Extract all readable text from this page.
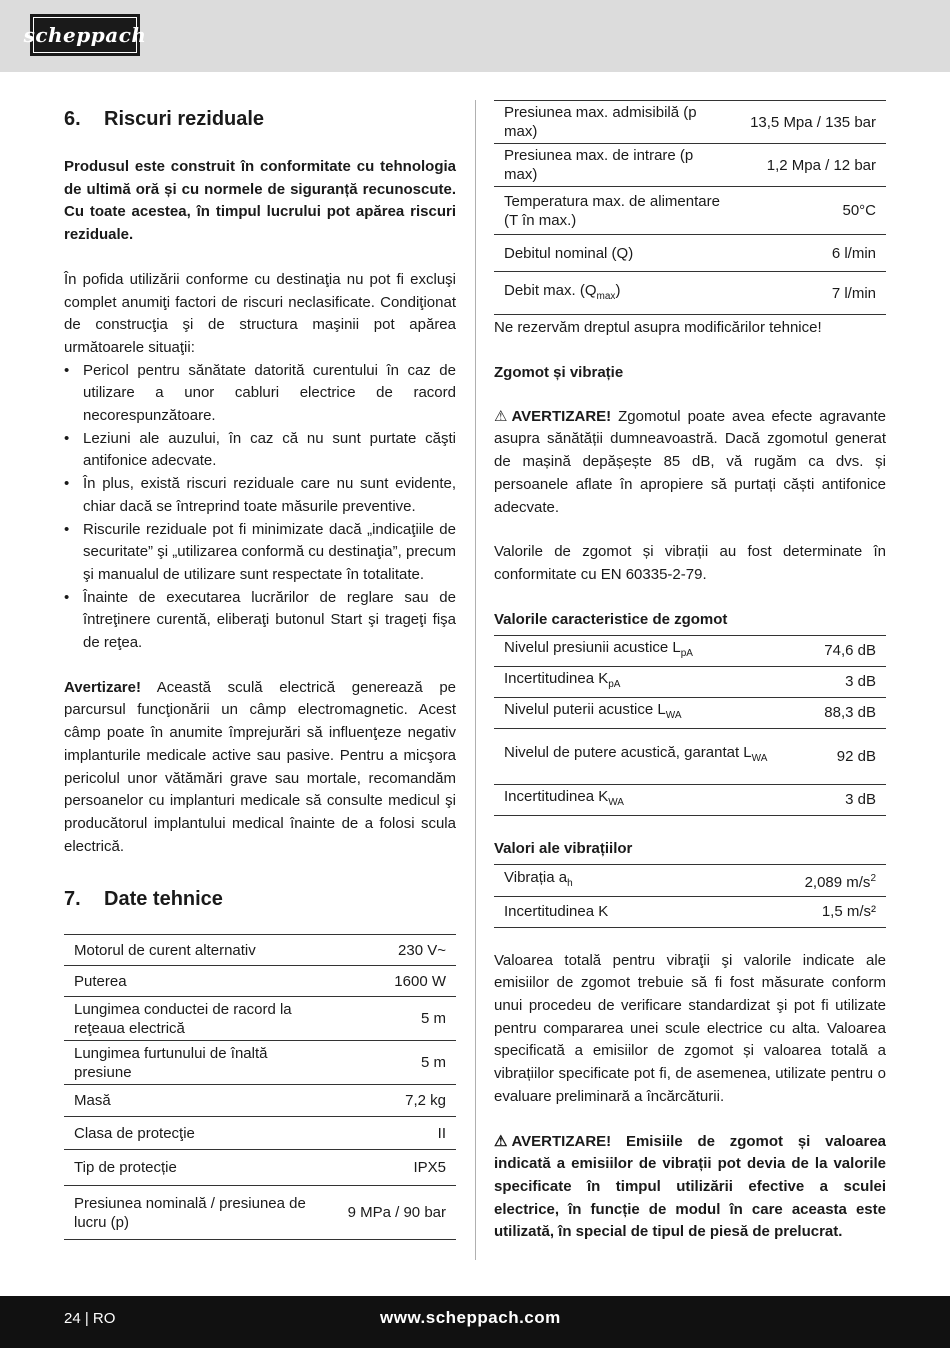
scheppach
6. Riscuri reziduale

Produsul este construit în conformitate cu tehnologia de ultimă oră și cu normele de siguranță recunoscute. Cu toate acestea, în timpul lucrului pot apărea riscuri reziduale.

În pofida utilizării conforme cu destinaţia nu pot fi excluşi complet anumiţi factori de riscuri neclasificate. Condiţionat de construcţia şi de structura maşinii pot apărea următoarele situaţii:

• Pericol pentru sănătate datorită curentului în caz de utilizare a unor cabluri electrice de racord necorespunzătoare.
• Leziuni ale auzului, în caz că nu sunt purtate căşti antifonice adecvate.
• În plus, există riscuri reziduale care nu sunt evidente, chiar dacă se întreprind toate măsurile preventive.
• Riscurile reziduale pot fi minimizate dacă „indicaţiile de securitate” şi „utilizarea conformă cu destinaţia”, precum şi manualul de utilizare sunt respectate în totalitate.
• Înainte de executarea lucrărilor de reglare sau de întreţinere curentă, eliberaţi butonul Start şi trageţi fişa de reţea.

Avertizare! Această sculă electrică generează pe parcursul funcţionării un câmp electromagnetic. Acest câmp poate în anumite împrejurări să influenţeze negativ implanturile medicale active sau pasive. Pentru a micşora pericolul unor vătămări grave sau mortale, recomandăm persoanelor cu implanturi medicale să consulte medicul şi producătorul implantului medical înainte de a folosi scula electrică.

7. Date tehnice
Motorul de curent alternativ	230 V~
Puterea	1600 W
Lungimea conductei de racord la reţeaua electrică	5 m
Lungimea furtunului de înaltă presiune	5 m
Masă	7,2 kg
Clasa de protecţie	II
Tip de protecție	IPX5
Presiunea nominală / presiunea de lucru (p)	9 MPa / 90 bar
Presiunea max. admisibilă (p max)	13,5 Mpa / 135 bar
Presiunea max. de intrare (p max)	1,2 Mpa / 12 bar
Temperatura max. de alimentare (T în max.)	50°C
Debitul nominal (Q)	6 l/min
Debit max. $(Q_{max})$	7 l/min

Ne rezervăm dreptul asupra modificărilor tehnice!

Zgomot și vibrație

⚠ AVERTIZARE! Zgomotul poate avea efecte agravante asupra sănătății dumneavoastră. Dacă zgomotul generat de mașină depășește 85 dB, vă rugăm ca dvs. și persoanele aflate în apropiere să purtați căști antifonice adecvate.

Valorile de zgomot și vibrații au fost determinate în conformitate cu EN 60335-2-79.

Valorile caracteristice de zgomot

Nivelul presiunii acustice $L_{pA}$	74,6 dB
Incertitudinea $K_{pA}$	3 dB
Nivelul puterii acustice $L_{WA}$	88,3 dB
Nivelul de putere acustică, garantat $L_{WA}$	92 dB
Incertitudinea $K_{WA}$	3 dB

Valori ale vibrațiilor

Vibrația $a_h$	2,089 $m/s^2$
Incertitudinea K	1,5 m/s²

Valoarea totală pentru vibraţii şi valorile indicate ale emisiilor de zgomot trebuie să fi fost măsurate conform unui procedeu de verificare standardizat şi pot fi utilizate pentru compararea unei scule electrice cu alta. Valoarea specificată a emisiilor de zgomot și valoarea totală a vibrațiilor specificate pot fi, de asemenea, utilizate pentru o evaluare preliminară a încărcăturii.

⚠ AVERTIZARE! Emisiile de zgomot și valoarea indicată a emisiilor de vibrații pot devia de la valorile specificate în timpul utilizării efective a sculei electrice, în funcție de modul în care aceasta este utilizată, în special de tipul de piesă de prelucrat.

24 | RO	www.scheppach.com
